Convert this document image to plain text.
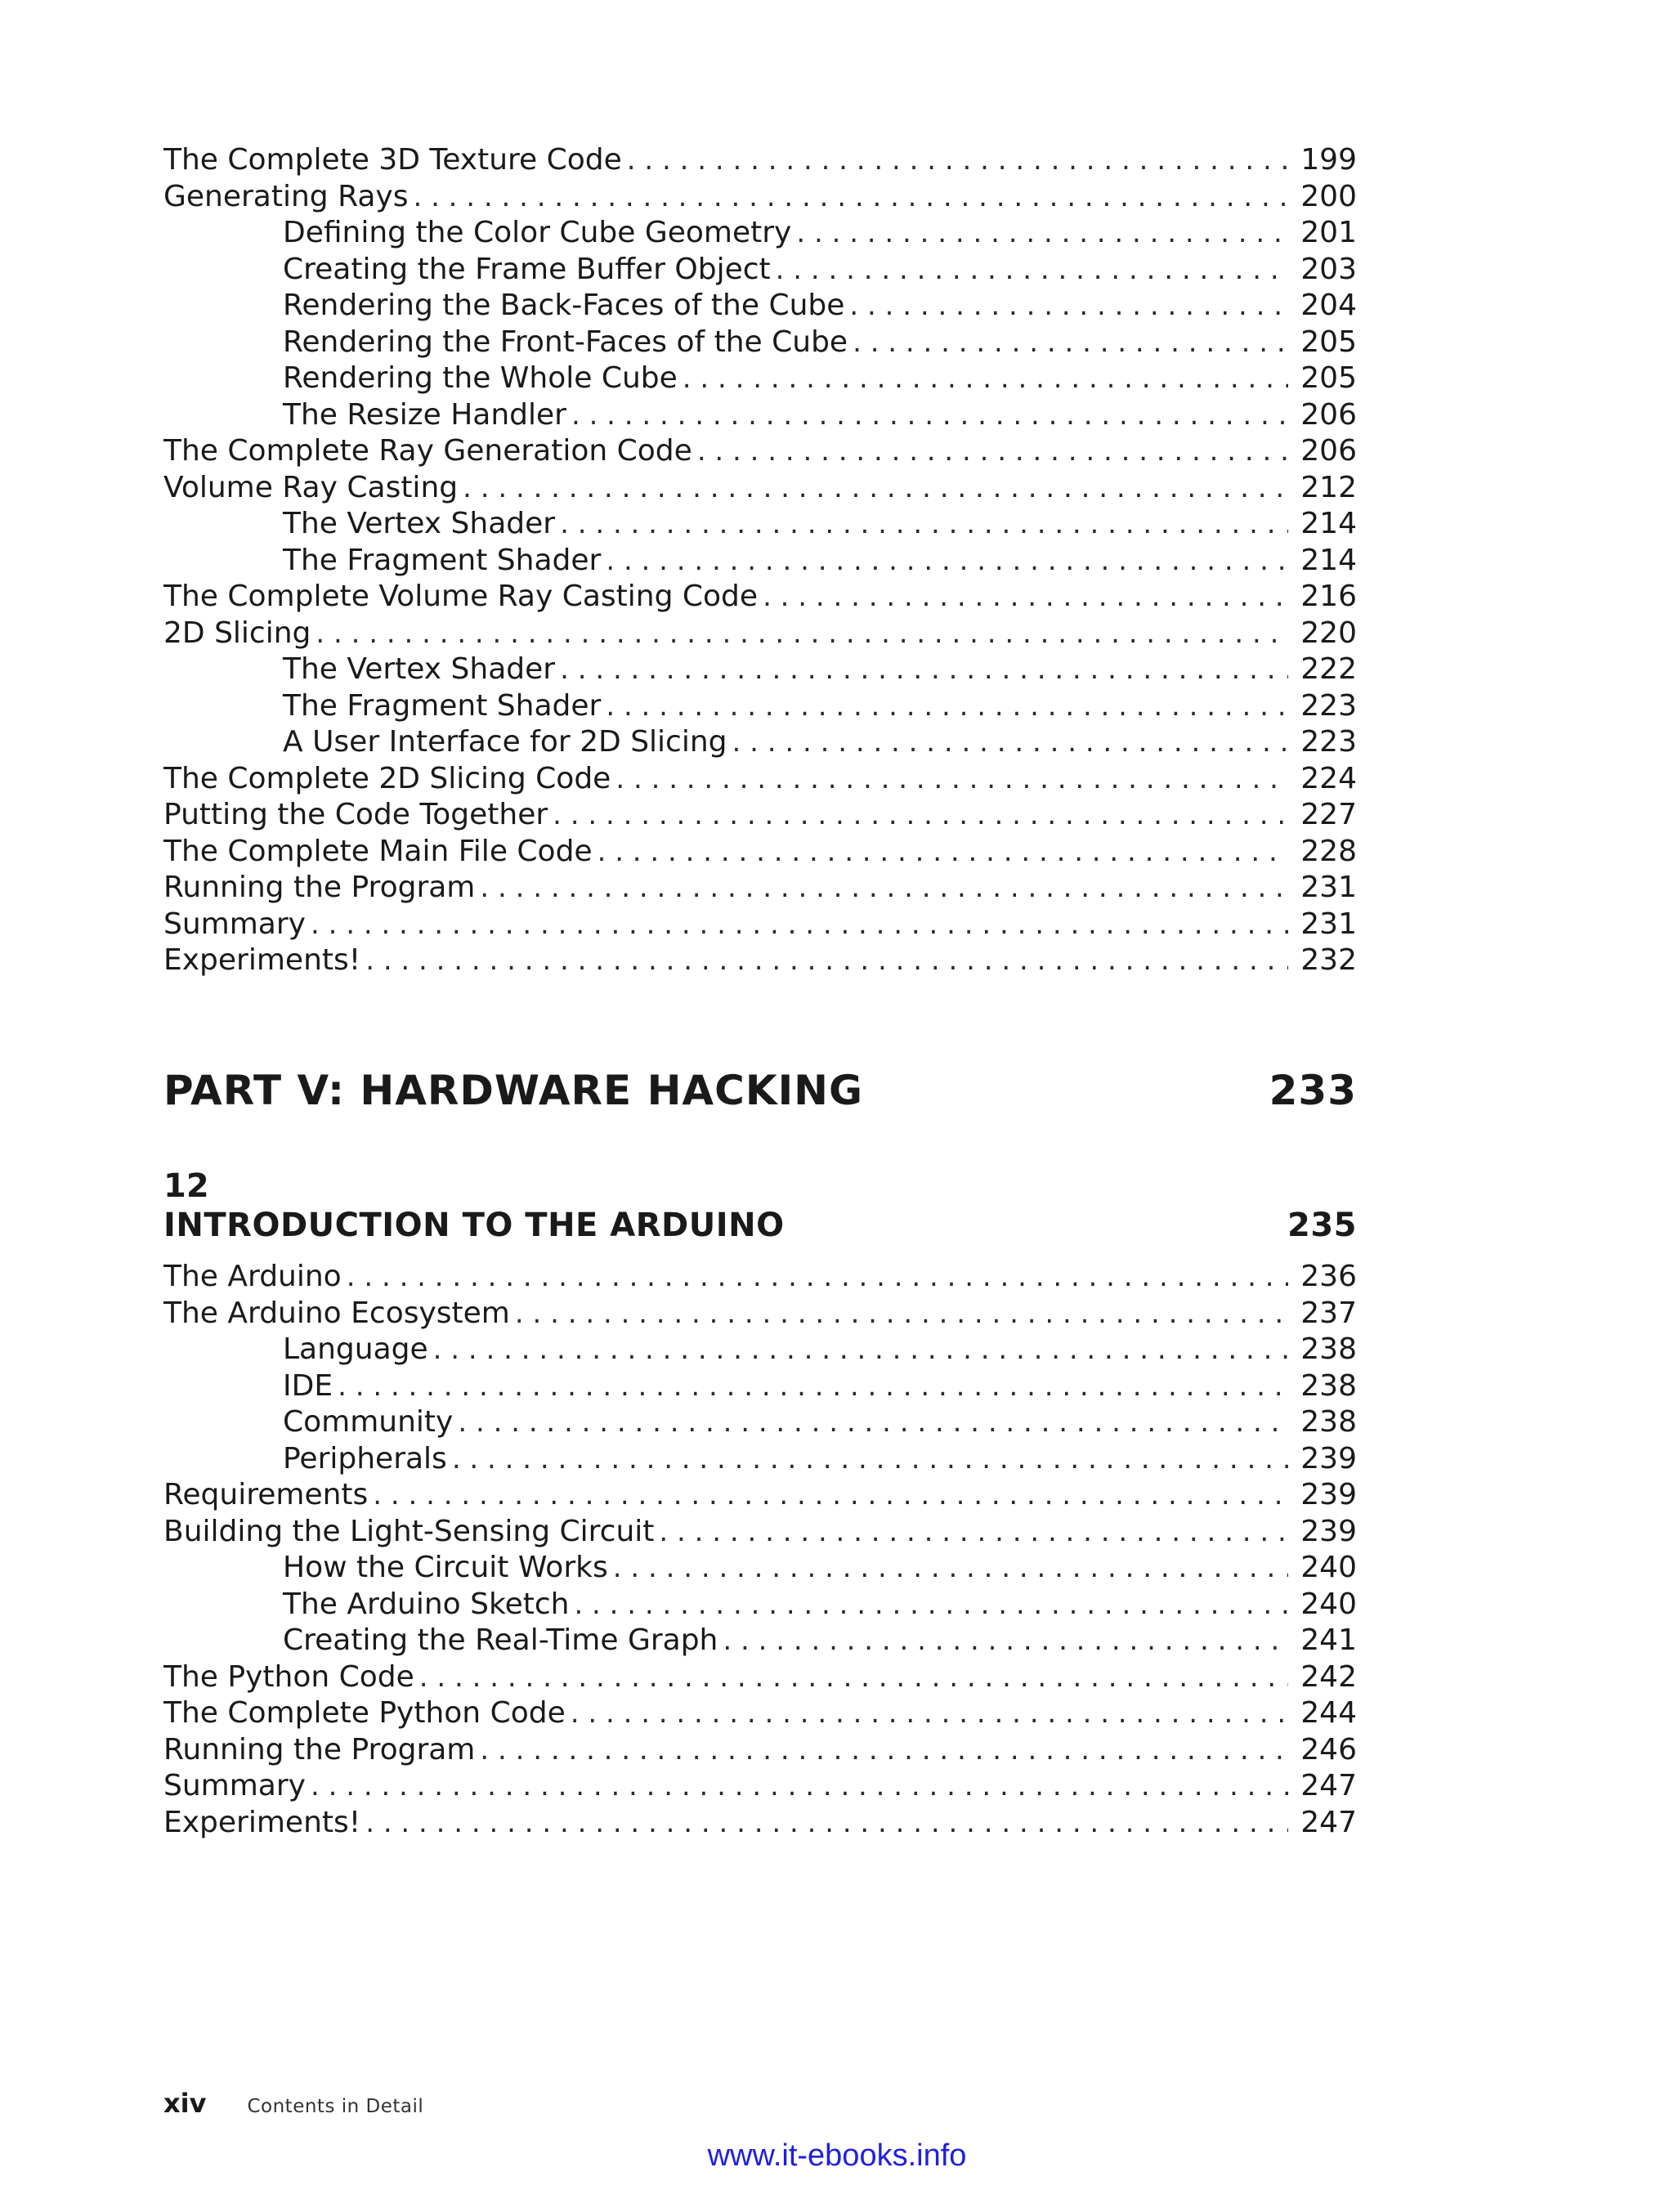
The Complete 3D Texture Code . . .	199
Generating Rays . . .	200
Defining the Color Cube Geometry . . .	201
Creating the Frame Buffer Object . . .	203
Rendering the Back-Faces of the Cube . . .	204
Rendering the Front-Faces of the Cube . . .	205
Rendering the Whole Cube . . .	205
The Resize Handler . . .	206
The Complete Ray Generation Code . . .	206
Volume Ray Casting . . .	212
The Vertex Shader . . .	214
The Fragment Shader . . .	214
The Complete Volume Ray Casting Code . . .	216
2D Slicing . . .	220
The Vertex Shader . . .	222
The Fragment Shader . . .	223
A User Interface for 2D Slicing . . .	223
The Complete 2D Slicing Code . . .	224
Putting the Code Together . . .	227
The Complete Main File Code . . .	228
Running the Program . . .	231
Summary . . .	231
Experiments! . . .	232
PART V: HARDWARE HACKING	233
12
INTRODUCTION TO THE ARDUINO	235
The Arduino . . .	236
The Arduino Ecosystem . . .	237
Language . . .	238
IDE . . .	238
Community . . .	238
Peripherals . . .	239
Requirements . . .	239
Building the Light-Sensing Circuit . . .	239
How the Circuit Works . . .	240
The Arduino Sketch . . .	240
Creating the Real-Time Graph . . .	241
The Python Code . . .	242
The Complete Python Code . . .	244
Running the Program . . .	246
Summary . . .	247
Experiments! . . .	247
xiv Contents in Detail
www.it-ebooks.info
